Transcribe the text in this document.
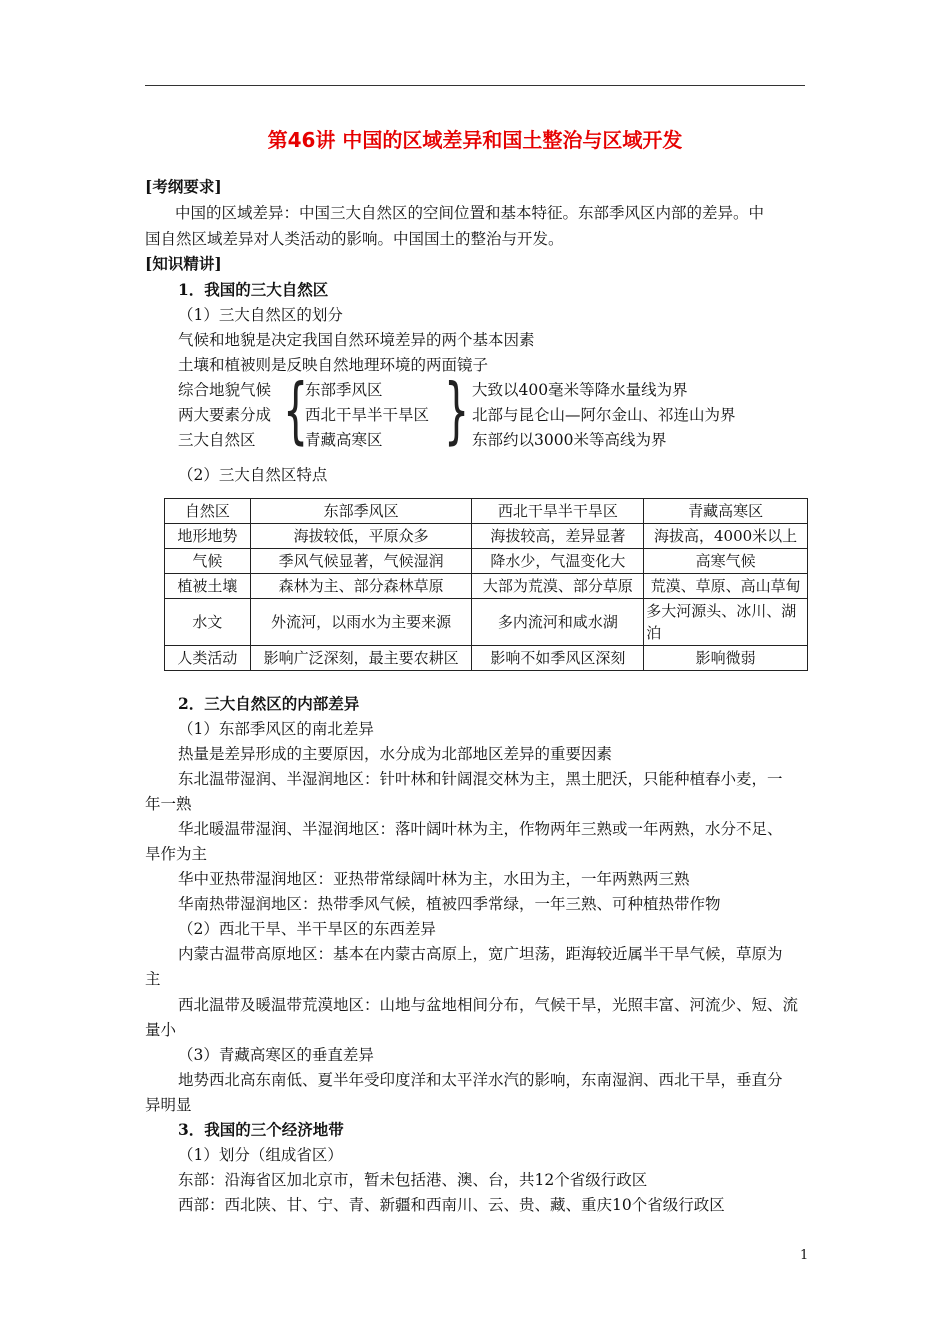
第46讲 中国的区域差异和国土整治与区域开发
[考纲要求]
中国的区域差异：中国三大自然区的空间位置和基本特征。东部季风区内部的差异。中
国自然区域差异对人类活动的影响。中国国土的整治与开发。
[知识精讲]
1．我国的三大自然区
（1）三大自然区的划分
气候和地貌是决定我国自然环境差异的两个基本因素
土壤和植被则是反映自然地理环境的两面镜子
综合地貌气候
两大要素分成
三大自然区 {
东部季风区
西北干旱半干旱区
青藏高寒区 } 大致以400毫米等降水量线为界
北部与昆仑山—阿尔金山、祁连山为界
东部约以3000米等高线为界
（2）三大自然区特点
自然区	东部季风区	西北干旱半干旱区	青藏高寒区
地形地势	海拔较低，平原众多	海拔较高，差异显著	海拔高，4000米以上
气候	季风气候显著，气候湿润	降水少，气温变化大	高寒气候
植被土壤	森林为主、部分森林草原	大部为荒漠、部分草原	荒漠、草原、高山草甸
水文	外流河，以雨水为主要来源	多内流河和咸水湖	多大河源头、冰川、湖泊
人类活动	影响广泛深刻，最主要农耕区	影响不如季风区深刻	影响微弱
2．三大自然区的内部差异
（1）东部季风区的南北差异
热量是差异形成的主要原因，水分成为北部地区差异的重要因素
东北温带湿润、半湿润地区：针叶林和针阔混交林为主，黑土肥沃，只能种植春小麦，一
年一熟
华北暖温带湿润、半湿润地区：落叶阔叶林为主，作物两年三熟或一年两熟，水分不足、
旱作为主
华中亚热带湿润地区：亚热带常绿阔叶林为主，水田为主，一年两熟两三熟
华南热带湿润地区：热带季风气候，植被四季常绿，一年三熟、可种植热带作物
（2）西北干旱、半干旱区的东西差异
内蒙古温带高原地区：基本在内蒙古高原上，宽广坦荡，距海较近属半干旱气候，草原为
主
西北温带及暖温带荒漠地区：山地与盆地相间分布，气候干旱，光照丰富、河流少、短、流
量小
（3）青藏高寒区的垂直差异
地势西北高东南低、夏半年受印度洋和太平洋水汽的影响，东南湿润、西北干旱，垂直分
异明显
3．我国的三个经济地带
（1）划分（组成省区）
东部：沿海省区加北京市，暂未包括港、澳、台，共12个省级行政区
西部：西北陕、甘、宁、青、新疆和西南川、云、贵、藏、重庆10个省级行政区
1
